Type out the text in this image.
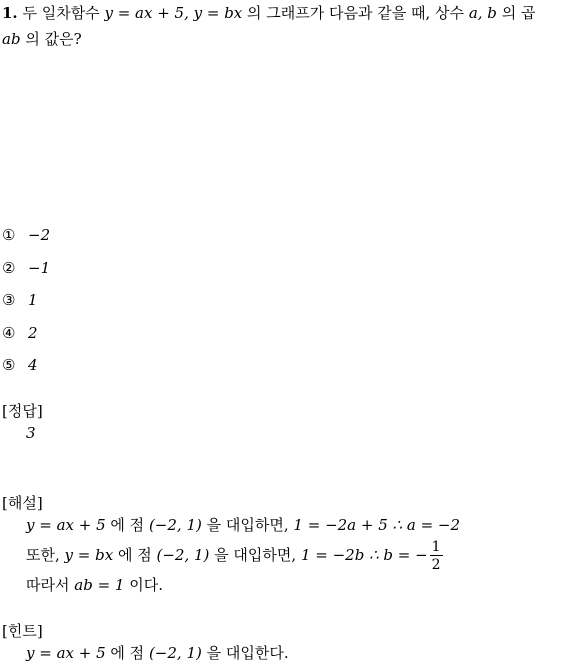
1. 두 일차함수 y = ax + 5, y = bx 의 그래프가 다음과 같을 때, 상수 a, b 의 곱
ab 의 값은?
① −2
② −1
③ 1
④ 2
⑤ 4
[정답]
3
[해설]
y = ax + 5 에 점 (−2, 1) 을 대입하면, 1 = −2a + 5 ∴ a = −2
또한, y = bx 에 점 (−2, 1) 을 대입하면, 1 = −2b ∴ b = − $\frac{1}{2}$
따라서 ab = 1 이다.
[힌트]
y = ax + 5 에 점 (−2, 1) 을 대입한다.
